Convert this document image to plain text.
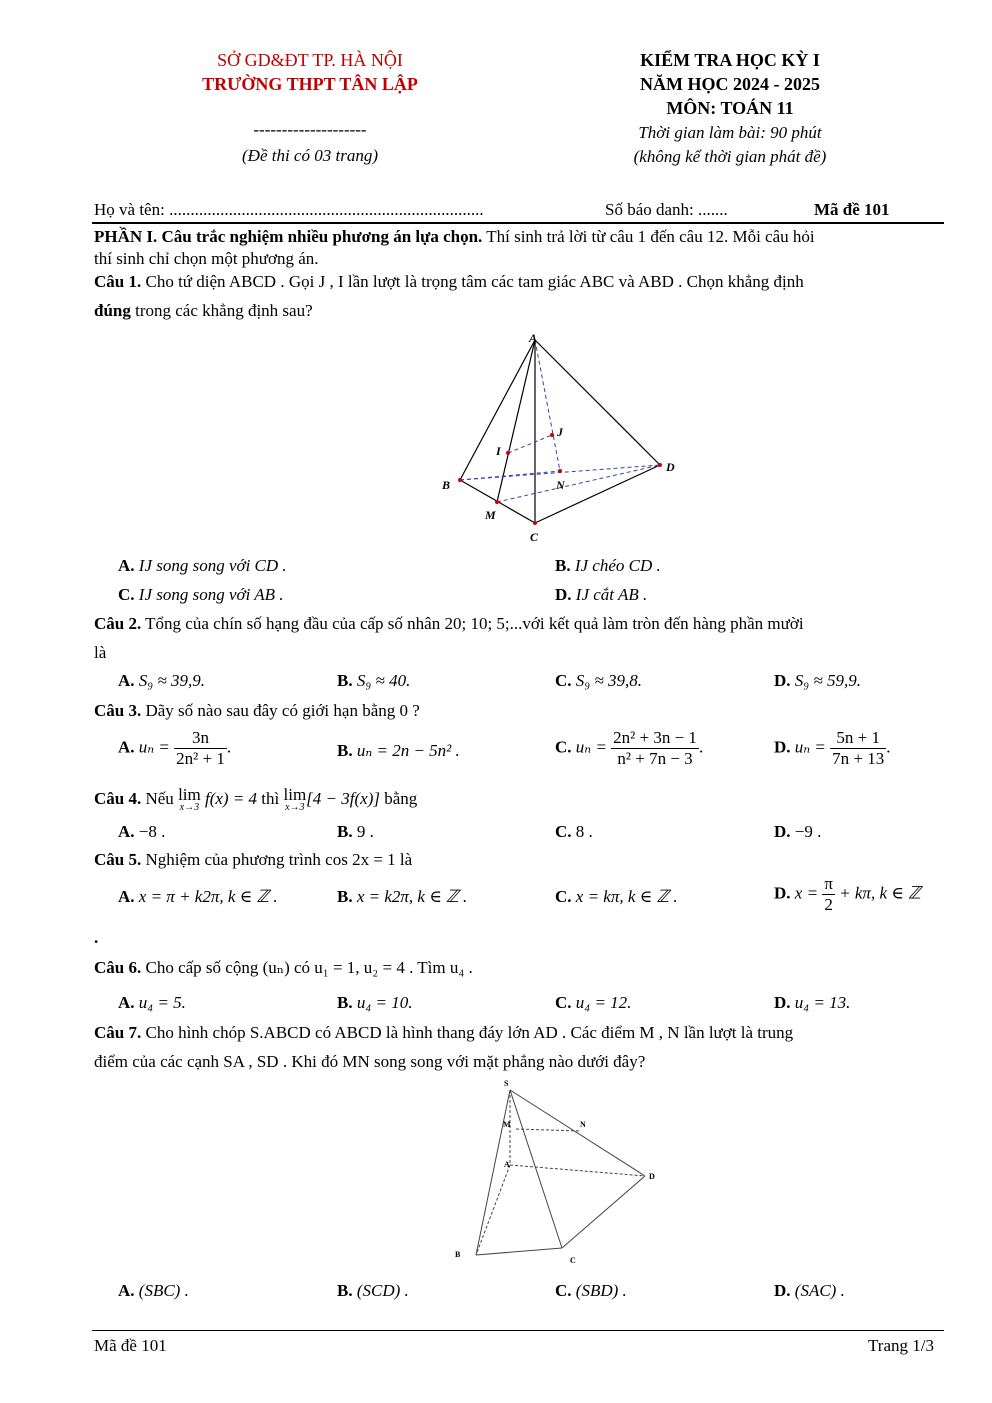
SỞ GD&ĐT TP. HÀ NỘI
TRƯỜNG THPT TÂN LẬP
--------------------
(Đề thi có 03 trang)
KIỂM TRA HỌC KỲ I
NĂM HỌC 2024 - 2025
MÔN: TOÁN 11
Thời gian làm bài: 90 phút
(không kể thời gian phát đề)
Họ và tên: ..........................................................................	Số báo danh: .......	Mã đề 101
PHẦN I. Câu trắc nghiệm nhiều phương án lựa chọn. Thí sinh trả lời từ câu 1 đến câu 12. Mỗi câu hỏi
thí sinh chỉ chọn một phương án.
Câu 1. Cho tứ diện ABCD . Gọi J , I lần lượt là trọng tâm các tam giác ABC và ABD . Chọn khẳng định
đúng trong các khẳng định sau?
A
B
C
D
I
J
M
N
A. IJ song song với CD .	B. IJ chéo CD .
C. IJ song song với AB .	D. IJ cắt AB .
Câu 2. Tổng của chín số hạng đầu của cấp số nhân 20; 10; 5;...với kết quả làm tròn đến hàng phần mười
là
A. S₉ ≈ 39,9.	B. S₉ ≈ 40.	C. S₉ ≈ 39,8.	D. S₉ ≈ 59,9.
Câu 3. Dãy số nào sau đây có giới hạn bằng 0 ?
A. $u_n = \frac{3n}{\text{2n² + 1}}$ .	B. uₙ = 2n − 5n² .	C. $u_n = \frac{\text{2n² + 3n − 1}}{\text{n² + 7n − 3}}$ .	D. $u_n = \frac{5n + 1}{7n + 13}$ .
Câu 4. Nếu lim
x→3 f(x) = 4 thì lim
x→3 [4 − 3f(x)] bằng
A. −8 .	B. 9 .	C. 8 .	D. −9 .
Câu 5. Nghiệm của phương trình cos 2x = 1 là
A. x = π + k2π, k ∈ ℤ .	B. x = k2π, k ∈ ℤ .	C. x = kπ, k ∈ ℤ .	D. $x = \frac{\pi}{2} + k\pi$, k ∈ ℤ
.
Câu 6. Cho cấp số cộng (uₙ) có u₁ = 1, u₂ = 4 . Tìm u₄ .
A. u₄ = 5.	B. u₄ = 10.	C. u₄ = 12.	D. u₄ = 13.
Câu 7. Cho hình chóp S.ABCD có ABCD là hình thang đáy lớn AD . Các điểm M , N lần lượt là trung
điểm của các cạnh SA , SD . Khi đó MN song song với mặt phẳng nào dưới đây?
S
M	N
A
D
B
C
A. (SBC) .	B. (SCD) .	C. (SBD) .	D. (SAC) .
Mã đề 101	Trang 1/3
